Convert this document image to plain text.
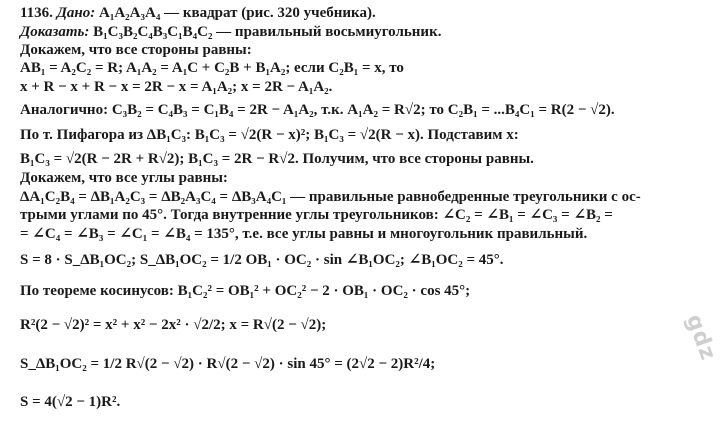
1136. Дано: A₁A₂A₃A₄ — квадрат (рис. 320 учебника).
Доказать: B₁C₃B₂C₄B₃C₁B₄C₂ — правильный восьмиугольник.
Докажем, что все стороны равны:
AB₁ = A₂C₂ = R; A₁A₂ = A₁C + C₂B + B₁A₂; если C₂B₁ = x, то
x + R − x + R − x = 2R − x = A₁A₂; x = 2R − A₁A₂.
Аналогично: C₃B₂ = C₄B₃ = C₁B₄ = 2R − A₁A₂, т.к. A₁A₂ = R√2; то C₂B₁ = ...B₄C₁ = R(2 − √2).
По т. Пифагора из ΔB₁C₃: B₁C₃ = √2(R − x)²; B₁C₃ = √2(R − x). Подставим x:
B₁C₃ = √2(R − 2R + R√2); B₁C₃ = 2R − R√2. Получим, что все стороны равны.
Докажем, что все углы равны:
ΔA₁C₂B₄ = ΔB₁A₂C₃ = ΔB₂A₃C₄ = ΔB₃A₄C₁ — правильные равнобедренные треугольники с ос-
трыми углами по 45°. Тогда внутренние углы треугольников: ∠C₂ = ∠B₁ = ∠C₃ = ∠B₂ =
= ∠C₄ = ∠B₃ = ∠C₁ = ∠B₄ = 135°, т.е. все углы равны и многоугольник правильный.
S = 8 · S_ΔB₁OC₂; S_ΔB₁OC₂ = 1/2 OB₁ · OC₂ · sin ∠B₁OC₂; ∠B₁OC₂ = 45°.
По теореме косинусов: B₁C₂² = OB₁² + OC₂² − 2 · OB₁ · OC₂ · cos 45°;
R²(2 − √2)² = x² + x² − 2x² · √2/2; x = R√(2 − √2);
S_ΔB₁OC₂ = 1/2 R√(2 − √2) · R√(2 − √2) · sin 45° = (2√2 − 2)R²/4;
S = 4(√2 − 1)R².
gdz
